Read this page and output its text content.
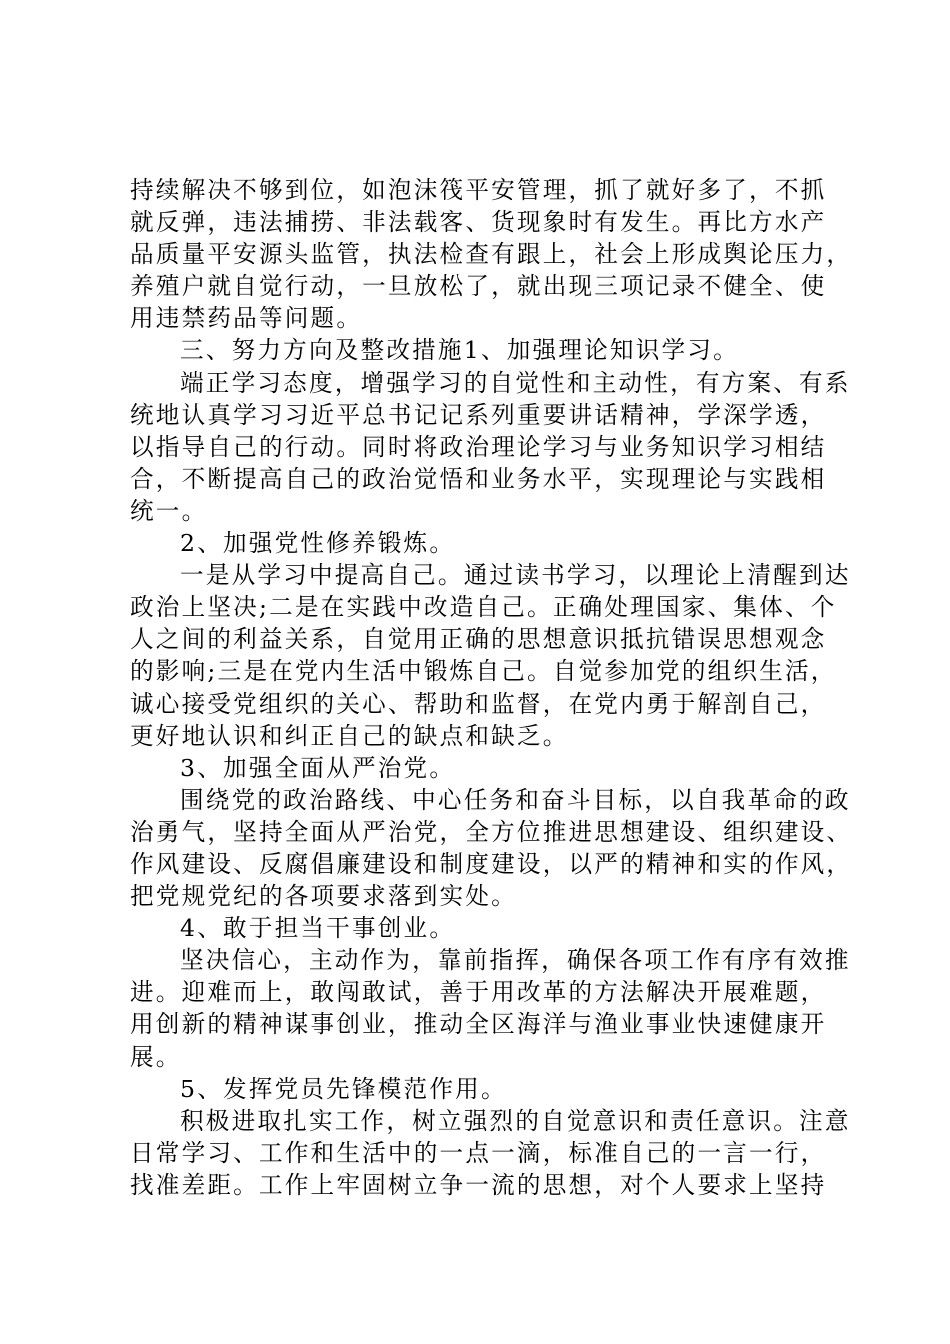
持续解决不够到位，如泡沫筏平安管理，抓了就好多了，不抓
就反弹，违法捕捞、非法载客、货现象时有发生。再比方水产
品质量平安源头监管，执法检查有跟上，社会上形成舆论压力，
养殖户就自觉行动，一旦放松了，就出现三项记录不健全、使
用违禁药品等问题。
三、努力方向及整改措施1、加强理论知识学习。
端正学习态度，增强学习的自觉性和主动性，有方案、有系
统地认真学习习近平总书记记系列重要讲话精神，学深学透，
以指导自己的行动。同时将政治理论学习与业务知识学习相结
合，不断提高自己的政治觉悟和业务水平，实现理论与实践相
统一。
2、加强党性修养锻炼。
一是从学习中提高自己。通过读书学习，以理论上清醒到达
政治上坚决;二是在实践中改造自己。正确处理国家、集体、个
人之间的利益关系，自觉用正确的思想意识抵抗错误思想观念
的影响;三是在党内生活中锻炼自己。自觉参加党的组织生活，
诚心接受党组织的关心、帮助和监督，在党内勇于解剖自己，
更好地认识和纠正自己的缺点和缺乏。
3、加强全面从严治党。
围绕党的政治路线、中心任务和奋斗目标，以自我革命的政
治勇气，坚持全面从严治党，全方位推进思想建设、组织建设、
作风建设、反腐倡廉建设和制度建设，以严的精神和实的作风，
把党规党纪的各项要求落到实处。
4、敢于担当干事创业。
坚决信心，主动作为，靠前指挥，确保各项工作有序有效推
进。迎难而上，敢闯敢试，善于用改革的方法解决开展难题，
用创新的精神谋事创业，推动全区海洋与渔业事业快速健康开
展。
5、发挥党员先锋模范作用。
积极进取扎实工作，树立强烈的自觉意识和责任意识。注意
日常学习、工作和生活中的一点一滴，标准自己的一言一行，
找准差距。工作上牢固树立争一流的思想，对个人要求上坚持
